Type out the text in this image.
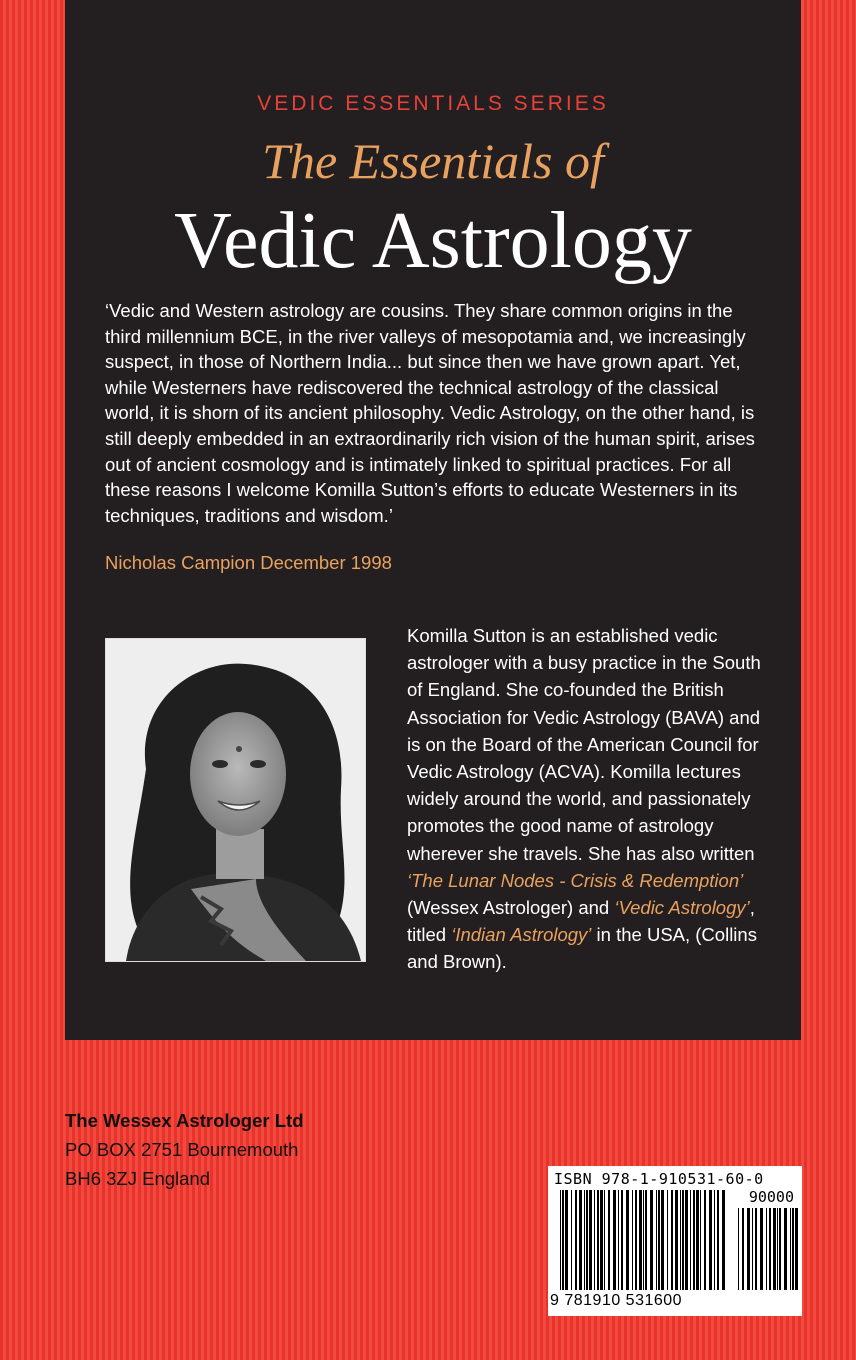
VEDIC ESSENTIALS SERIES
The Essentials of
Vedic Astrology
‘Vedic and Western astrology are cousins. They share common origins in the third millennium BCE, in the river valleys of mesopotamia and, we increasingly suspect, in those of Northern India... but since then we have grown apart. Yet, while Westerners have rediscovered the technical astrology of the classical world, it is shorn of its ancient philosophy. Vedic Astrology, on the other hand, is still deeply embedded in an extraordinarily rich vision of the human spirit, arises out of ancient cosmology and is intimately linked to spiritual practices. For all these reasons I welcome Komilla Sutton’s efforts to educate Westerners in its techniques, traditions and wisdom.’
Nicholas Campion December 1998
Komilla Sutton is an established vedic astrologer with a busy practice in the South of England. She co-founded the British Association for Vedic Astrology (BAVA) and is on the Board of the American Council for Vedic Astrology (ACVA). Komilla lectures widely around the world, and passionately promotes the good name of astrology wherever she travels. She has also written ‘The Lunar Nodes - Crisis & Redemption’ (Wessex Astrologer) and ‘Vedic Astrology’, titled ‘Indian Astrology’ in the USA, (Collins and Brown).
The Wessex Astrologer Ltd
PO BOX 2751 Bournemouth
BH6 3ZJ England	ISBN 978-1-910531-60-0
90000
9 781910 531600
